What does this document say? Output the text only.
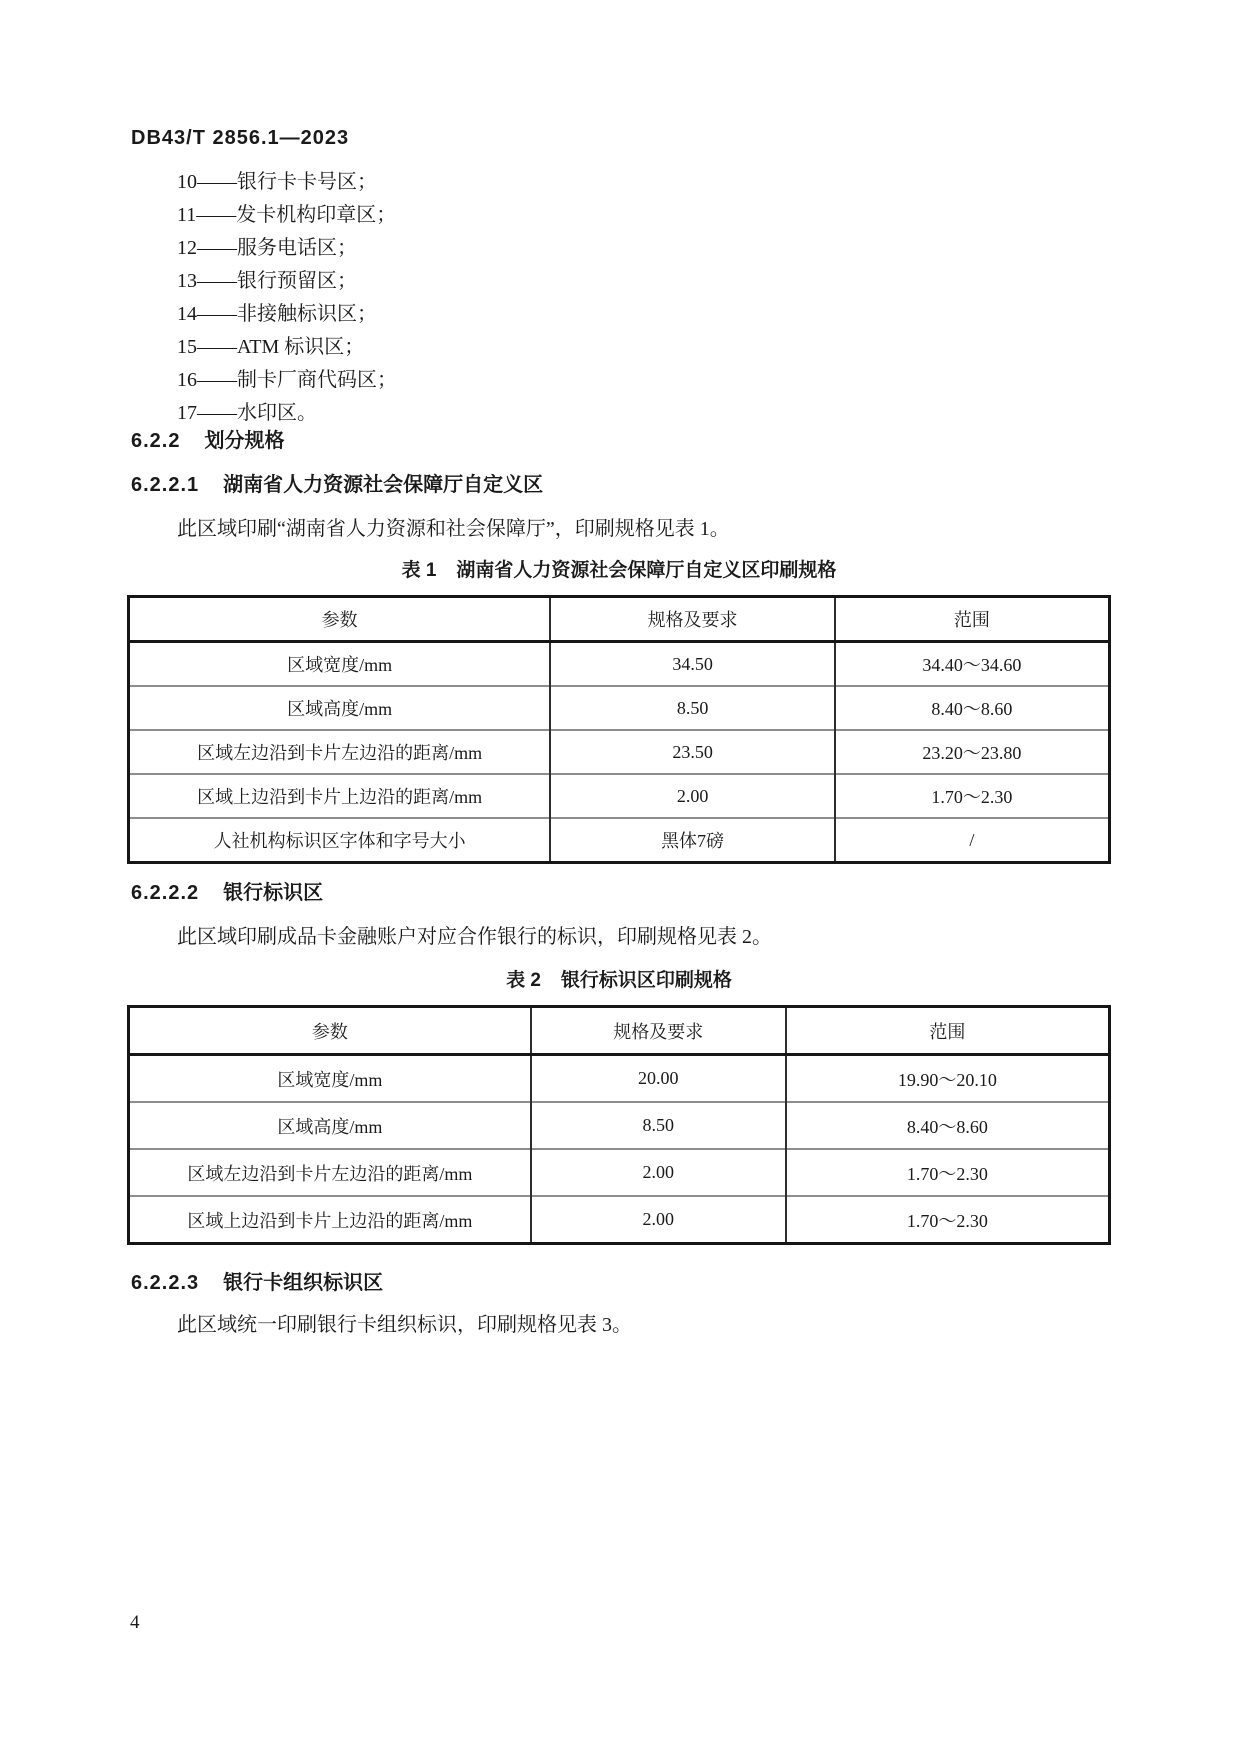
DB43/T 2856.1—2023
10——银行卡卡号区；
11——发卡机构印章区；
12——服务电话区；
13——银行预留区；
14——非接触标识区；
15——ATM 标识区；
16——制卡厂商代码区；
17——水印区。
6.2.2 划分规格
6.2.2.1 湖南省人力资源社会保障厅自定义区
此区域印刷“湖南省人力资源和社会保障厅”，印刷规格见表 1。
表 1 湖南省人力资源社会保障厅自定义区印刷规格
参数	规格及要求	范围
区域宽度/mm	34.50	34.40～34.60
区域高度/mm	8.50	8.40～8.60
区域左边沿到卡片左边沿的距离/mm	23.50	23.20～23.80
区域上边沿到卡片上边沿的距离/mm	2.00	1.70～2.30
人社机构标识区字体和字号大小	黑体7磅	/
6.2.2.2 银行标识区
此区域印刷成品卡金融账户对应合作银行的标识，印刷规格见表 2。
表 2 银行标识区印刷规格
参数	规格及要求	范围
区域宽度/mm	20.00	19.90～20.10
区域高度/mm	8.50	8.40～8.60
区域左边沿到卡片左边沿的距离/mm	2.00	1.70～2.30
区域上边沿到卡片上边沿的距离/mm	2.00	1.70～2.30
6.2.2.3 银行卡组织标识区
此区域统一印刷银行卡组织标识，印刷规格见表 3。
4
